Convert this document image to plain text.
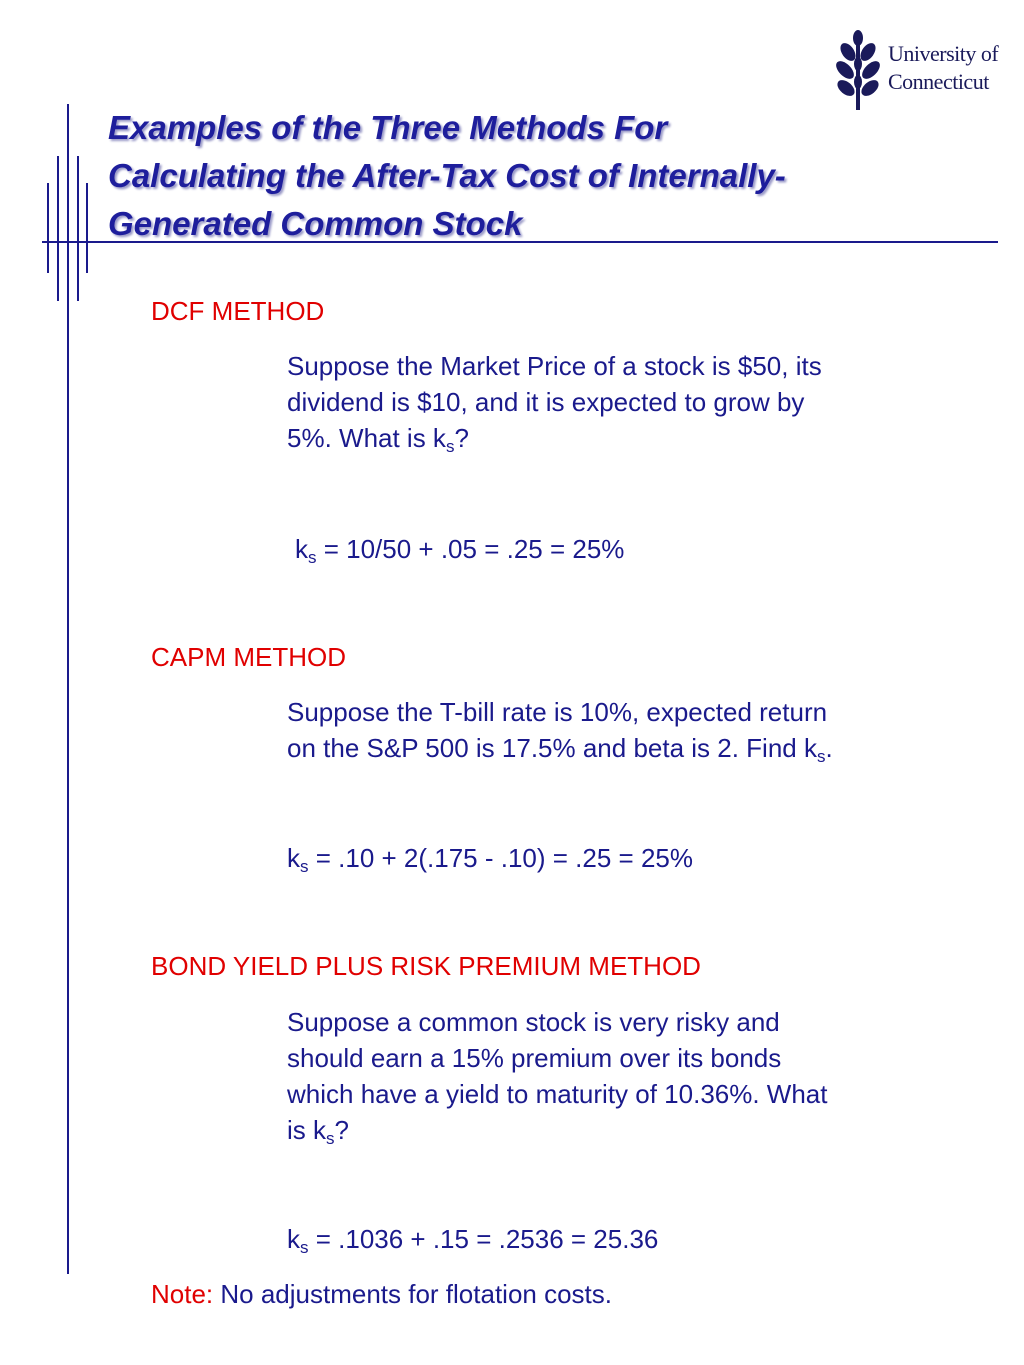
University of
Connecticut
Examples of the Three Methods For
Calculating the After-Tax Cost of Internally-
Generated Common Stock
DCF METHOD

Suppose the Market Price of a stock is $50, its
dividend is $10, and it is expected to grow by
5%. What is $k_s$?

$k_s = 10/50 + .05 = .25 = 25\%$

CAPM METHOD

Suppose the T-bill rate is 10%, expected return
on the S&P 500 is 17.5% and beta is 2. Find $k_s$.

$k_s = .10 + 2(.175 - .10) = .25 = 25\%$

BOND YIELD PLUS RISK PREMIUM METHOD

Suppose a common stock is very risky and
should earn a 15% premium over its bonds
which have a yield to maturity of 10.36%. What
is $k_s$?

$k_s = .1036 + .15 = .2536 = 25.36$

Note: No adjustments for flotation costs.
